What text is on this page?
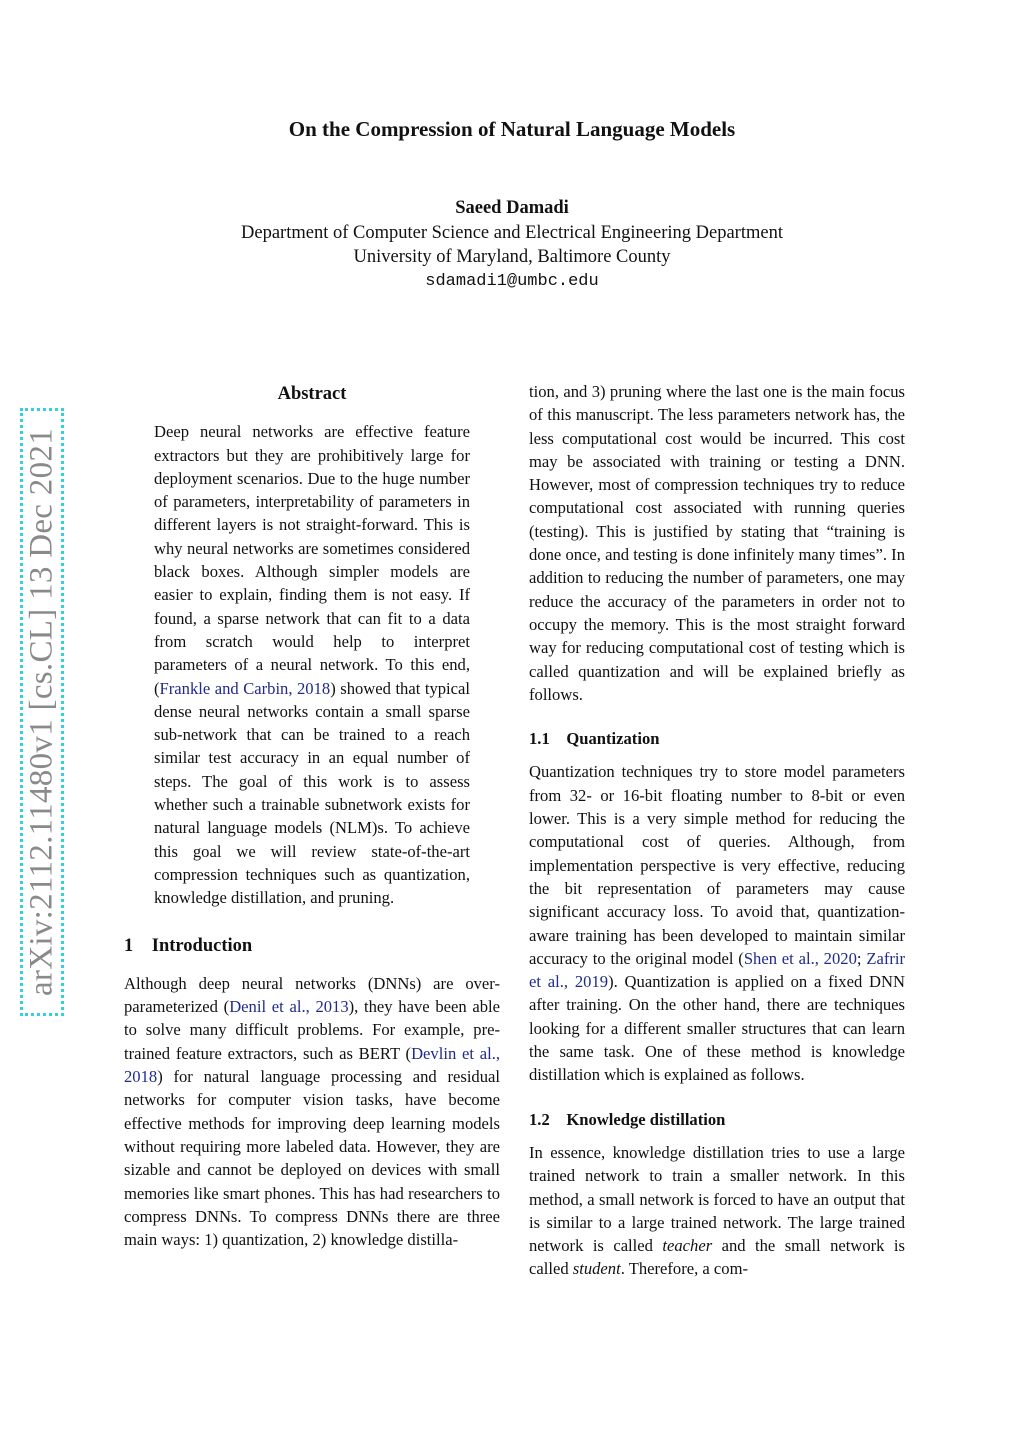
On the Compression of Natural Language Models
Saeed Damadi
Department of Computer Science and Electrical Engineering Department
University of Maryland, Baltimore County
sdamadi1@umbc.edu
arXiv:2112.11480v1 [cs.CL] 13 Dec 2021
Abstract

Deep neural networks are effective feature extractors but they are prohibitively large for deployment scenarios. Due to the huge number of parameters, interpretability of parameters in different layers is not straight-forward. This is why neural networks are sometimes considered black boxes. Although simpler models are easier to explain, finding them is not easy. If found, a sparse network that can fit to a data from scratch would help to interpret parameters of a neural network. To this end, (Frankle and Carbin, 2018) showed that typical dense neural networks contain a small sparse sub-network that can be trained to a reach similar test accuracy in an equal number of steps. The goal of this work is to assess whether such a trainable subnetwork exists for natural language models (NLM)s. To achieve this goal we will review state-of-the-art compression techniques such as quantization, knowledge distillation, and pruning.

1 Introduction

Although deep neural networks (DNNs) are over-parameterized (Denil et al., 2013), they have been able to solve many difficult problems. For example, pre-trained feature extractors, such as BERT (Devlin et al., 2018) for natural language processing and residual networks for computer vision tasks, have become effective methods for improving deep learning models without requiring more labeled data. However, they are sizable and cannot be deployed on devices with small memories like smart phones. This has had researchers to compress DNNs. To compress DNNs there are three main ways: 1) quantization, 2) knowledge distilla-

tion, and 3) pruning where the last one is the main focus of this manuscript. The less parameters network has, the less computational cost would be incurred. This cost may be associated with training or testing a DNN. However, most of compression techniques try to reduce computational cost associated with running queries (testing). This is justified by stating that “training is done once, and testing is done infinitely many times”. In addition to reducing the number of parameters, one may reduce the accuracy of the parameters in order not to occupy the memory. This is the most straight forward way for reducing computational cost of testing which is called quantization and will be explained briefly as follows.

1.1 Quantization

Quantization techniques try to store model parameters from 32- or 16-bit floating number to 8-bit or even lower. This is a very simple method for reducing the computational cost of queries. Although, from implementation perspective is very effective, reducing the bit representation of parameters may cause significant accuracy loss. To avoid that, quantization-aware training has been developed to maintain similar accuracy to the original model (Shen et al., 2020; Zafrir et al., 2019). Quantization is applied on a fixed DNN after training. On the other hand, there are techniques looking for a different smaller structures that can learn the same task. One of these method is knowledge distillation which is explained as follows.

1.2 Knowledge distillation

In essence, knowledge distillation tries to use a large trained network to train a smaller network. In this method, a small network is forced to have an output that is similar to a large trained network. The large trained network is called teacher and the small network is called student. Therefore, a com-
